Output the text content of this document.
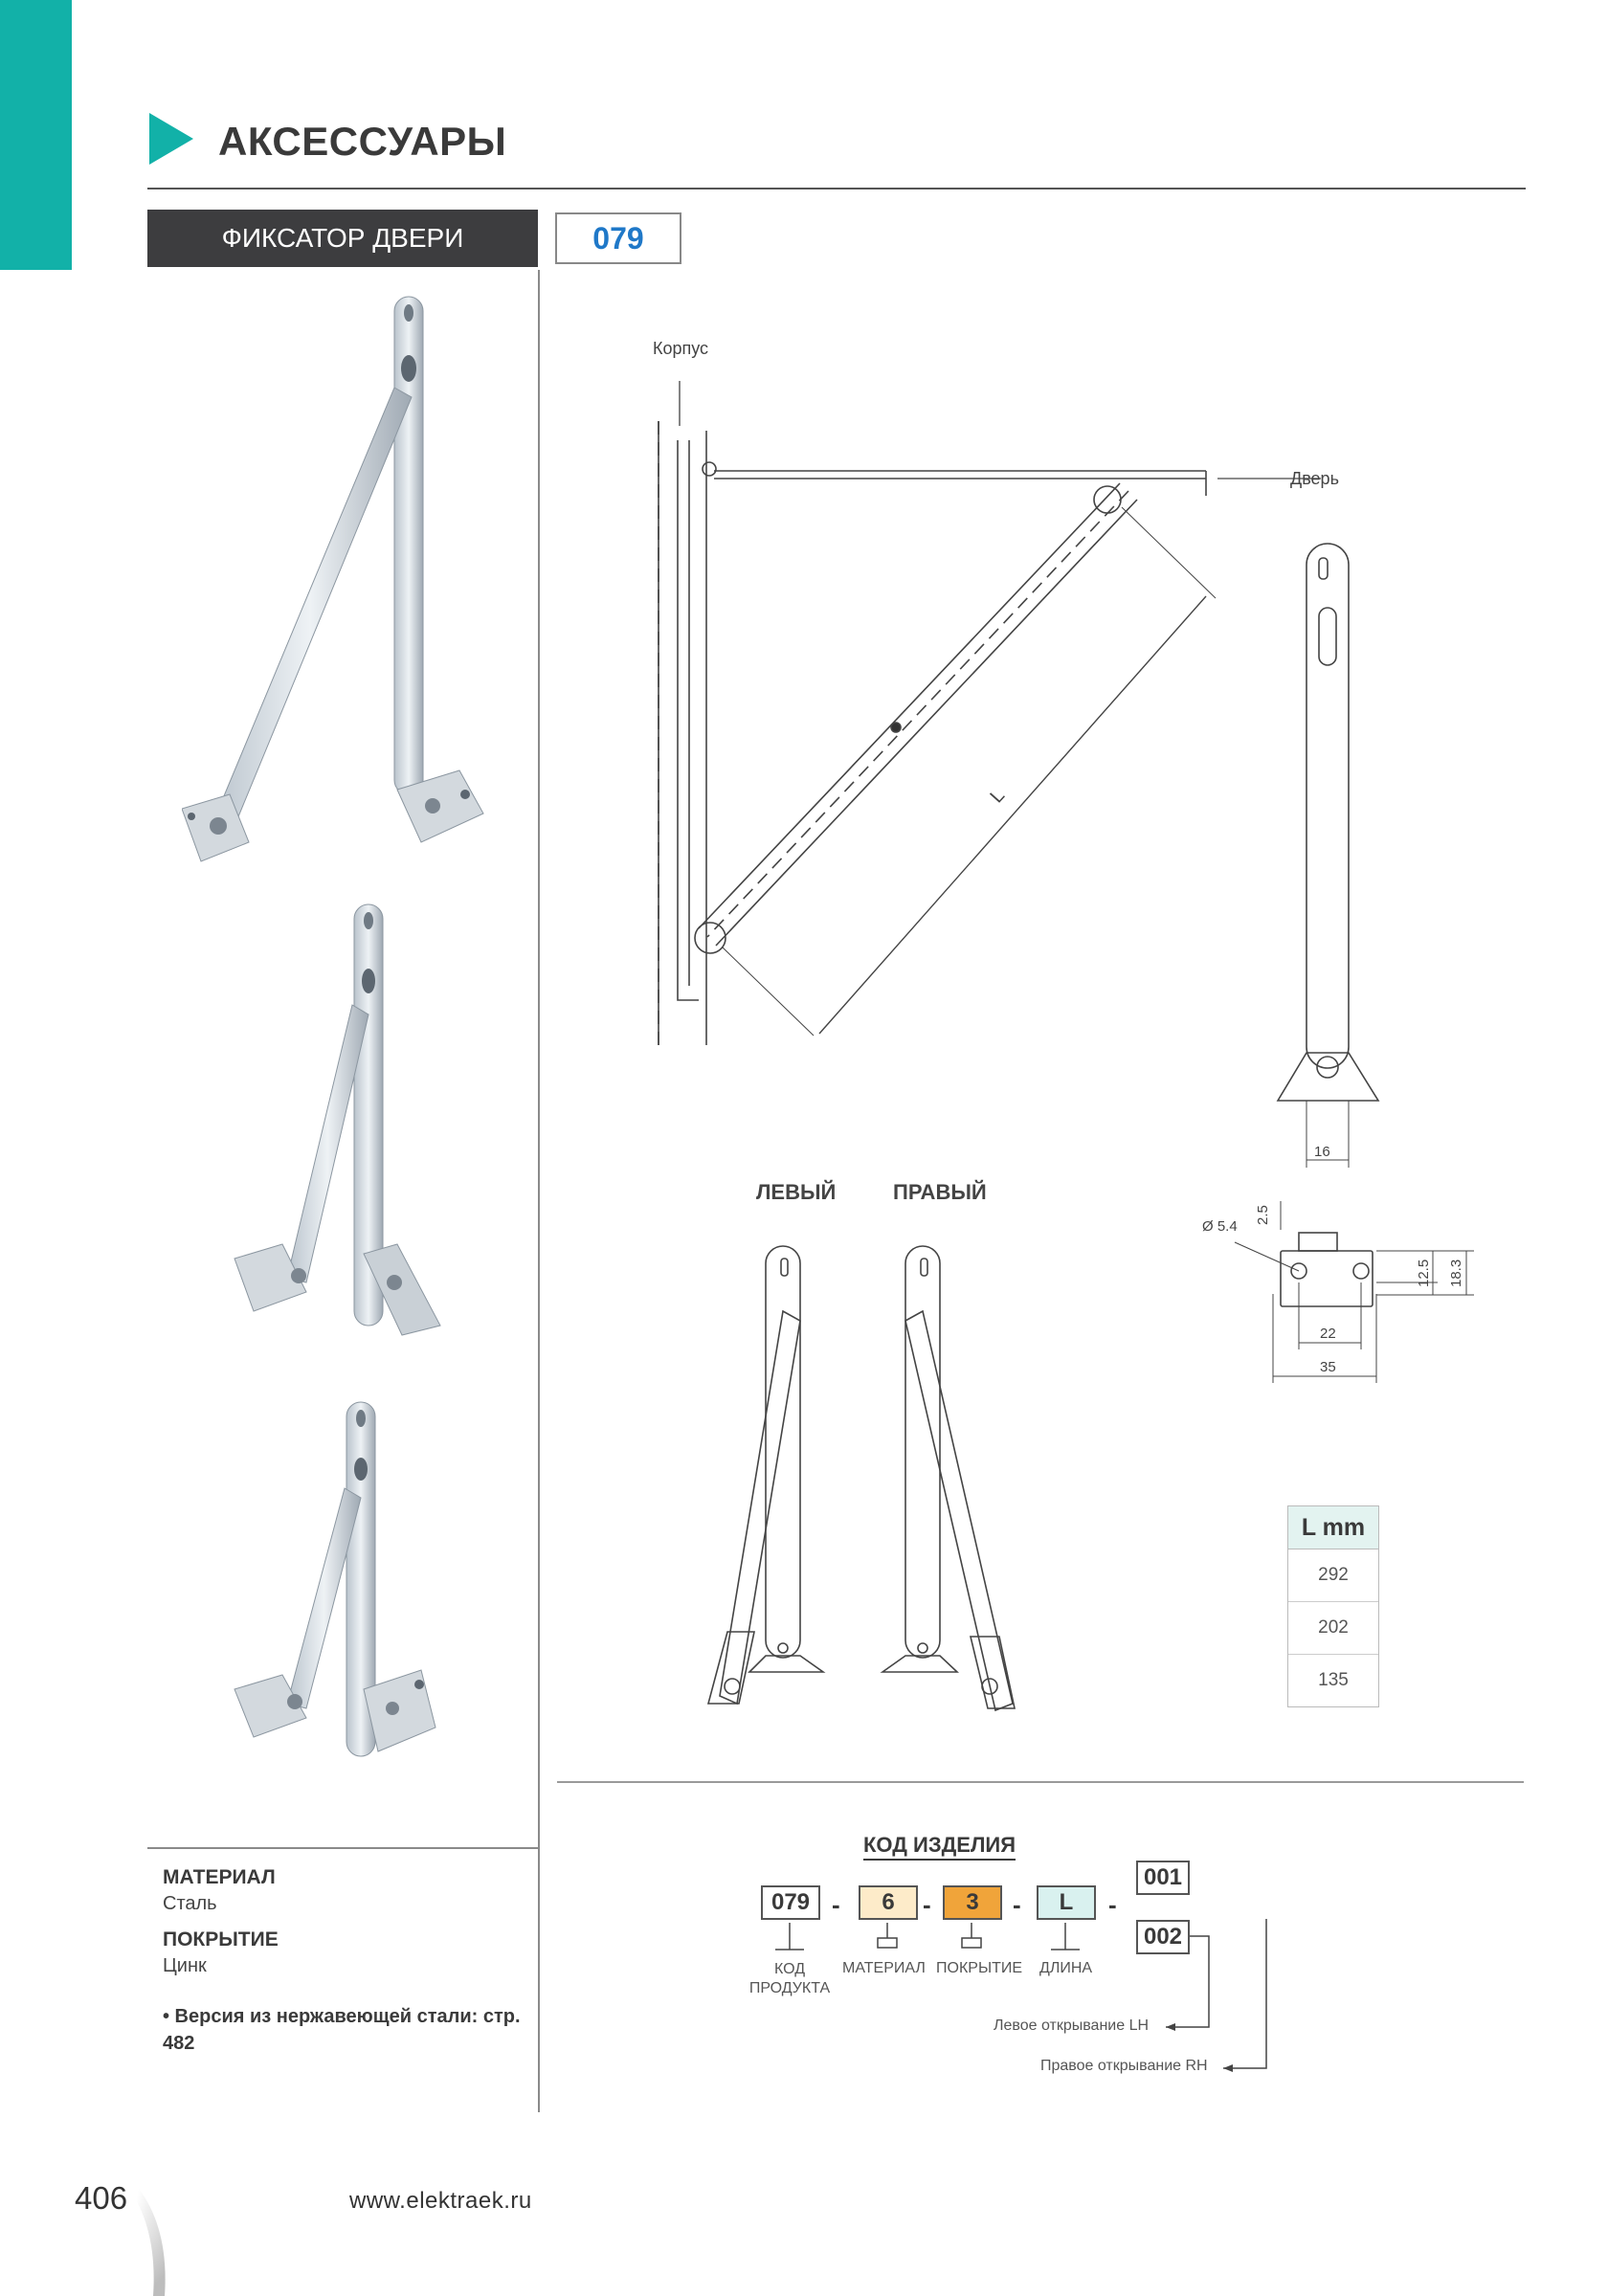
АКСЕССУАРЫ
ФИКСАТОР ДВЕРИ	079
Корпус
Дверь
L
16
2.5
Ø 5.4
12.5 18.3
22
35
ЛЕВЫЙ	ПРАВЫЙ
L mm
292
202
135
МАТЕРИАЛ
Сталь
ПОКРЫТИЕ
Цинк
• Версия из нержавеющей стали: стр. 482
КОД ИЗДЕЛИЯ
079 -	6	-	3	-	L	-
001
002
КОД ПРОДУКТА
МАТЕРИАЛ ПОКРЫТИЕ ДЛИНА
Левое открывание LH
Правое открывание RH
406	www.elektraek.ru
